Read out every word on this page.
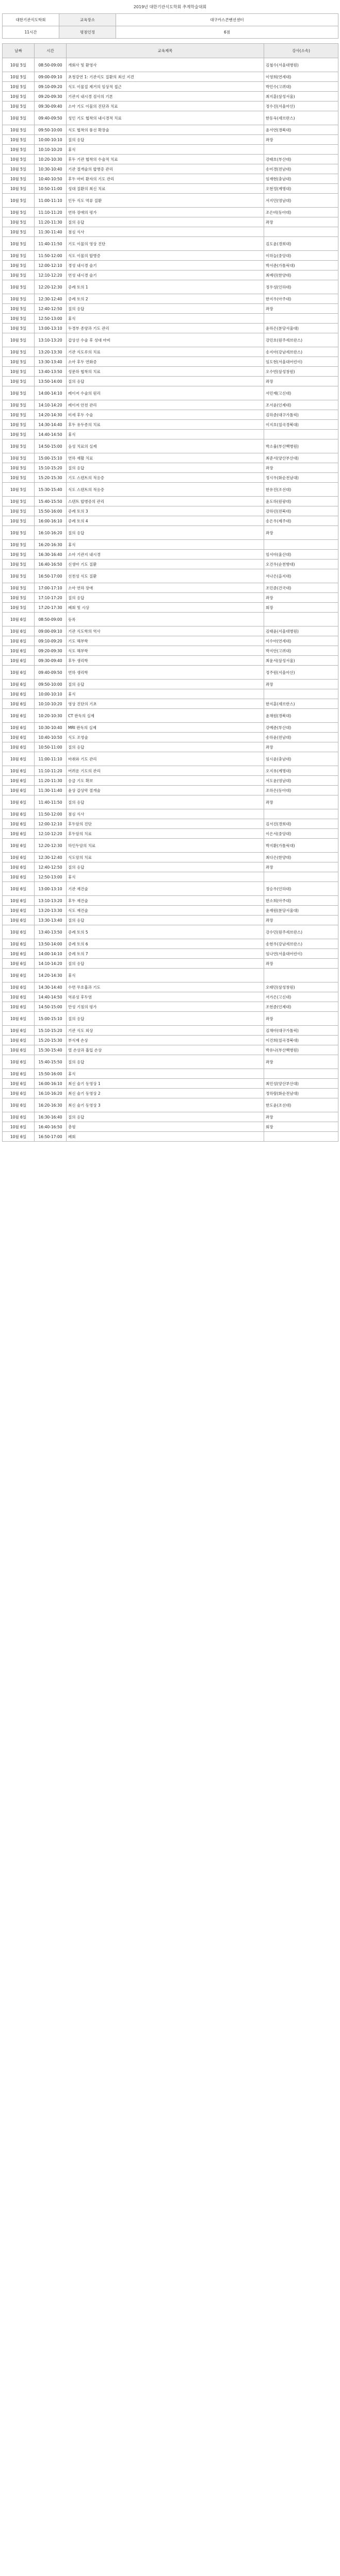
2019년 대한기관식도학회 추계학술대회
대한기관식도학회	교육장소	대구카스콘벤션센터
11시간	평점인정	6점
날짜	시간	교육제목	강사(소속)
10월 5일	08:50-09:00	개회사 및 환영사	김철수(서울대병원)
10월 5일	09:00-09:10	초청강연 1: 기관식도 질환의 최신 지견	이영희(연세대)
10월 5일	09:10-09:20	식도 이물질 제거의 임상적 접근	박민수(고려대)
10월 5일	09:20-09:30	기관지 내시경 검사의 기본	최지훈(삼성서울)
10월 5일	09:30-09:40	소아 기도 이물의 진단과 치료	정수진(서울아산)
10월 5일	09:40-09:50	성인 기도 협착의 내시경적 치료	한동욱(세브란스)
10월 5일	09:50-10:00	식도 협착의 풍선 확장술	윤서연(경북대)
10월 5일	10:00-10:10	질의 응답	좌장
10월 5일	10:10-10:20	휴식	
10월 5일	10:20-10:30	후두 기관 협착의 수술적 치료	강태호(부산대)
10월 5일	10:30-10:40	기관 절개술의 합병증 관리	송미경(전남대)
10월 5일	10:40-10:50	후두 마비 환자의 기도 관리	임재현(충남대)
10월 5일	10:50-11:00	성대 질환의 최신 치료	오현정(계명대)
10월 5일	11:00-11:10	인두 식도 역류 질환	서지민(영남대)
10월 5일	11:10-11:20	연하 장애의 평가	조은비(동아대)
10월 5일	11:20-11:30	질의 응답	좌장
10월 5일	11:30-11:40	점심 식사	
10월 5일	11:40-11:50	기도 이물의 영상 진단	김도윤(경희대)
10월 5일	11:50-12:00	식도 이물의 합병증	이하늘(중앙대)
10월 5일	12:00-12:10	경성 내시경 술기	박서준(가톨릭대)
10월 5일	12:10-12:20	연성 내시경 술기	최예린(한양대)
10월 5일	12:20-12:30	증례 토의 1	정우성(인하대)
10월 5일	12:30-12:40	증례 토의 2	한지우(아주대)
10월 5일	12:40-12:50	질의 응답	좌장
10월 5일	12:50-13:00	휴식	
10월 5일	13:00-13:10	두경부 종양과 기도 관리	윤하은(분당서울대)
10월 5일	13:10-13:20	갑상선 수술 후 성대 마비	강민호(원주세브란스)
10월 5일	13:20-13:30	기관 식도루의 치료	송지아(강남세브란스)
10월 5일	13:30-13:40	소아 후두 연화증	임도현(서울대어린이)
10월 5일	13:40-13:50	성문하 협착의 치료	오수빈(삼성창원)
10월 5일	13:50-14:00	질의 응답	좌장
10월 5일	14:00-14:10	레이저 수술의 원리	서민재(고신대)
10월 5일	14:10-14:20	레이저 안전 관리	조서윤(인제대)
10월 5일	14:20-14:30	미세 후두 수술	김하준(대구가톨릭)
10월 5일	14:30-14:40	후두 유두종의 치료	이지호(칠곡경북대)
10월 5일	14:40-14:50	휴식	
10월 5일	14:50-15:00	음성 치료의 실제	박소율(부산백병원)
10월 5일	15:00-15:10	연하 재활 치료	최준서(양산부산대)
10월 5일	15:10-15:20	질의 응답	좌장
10월 5일	15:20-15:30	기도 스텐트의 적응증	정시우(화순전남대)
10월 5일	15:30-15:40	식도 스텐트의 적응증	한유진(조선대)
10월 5일	15:40-15:50	스텐트 합병증의 관리	윤도하(원광대)
10월 5일	15:50-16:00	증례 토의 3	강하린(전북대)
10월 5일	16:00-16:10	증례 토의 4	송은우(제주대)
10월 5일	16:10-16:20	질의 응답	좌장
10월 5일	16:20-16:30	휴식	
10월 5일	16:30-16:40	소아 기관지 내시경	임서아(울산대)
10월 5일	16:40-16:50	신생아 기도 질환	오건우(순천향대)
10월 5일	16:50-17:00	선천성 식도 질환	서나은(을지대)
10월 5일	17:00-17:10	소아 연하 장애	조민준(건국대)
10월 5일	17:10-17:20	질의 응답	좌장
10월 5일	17:20-17:30	폐회 및 시상	회장
10월 6일	08:50-09:00	등록	
10월 6일	09:00-09:10	기관 식도학의 역사	김태윤(서울대병원)
10월 6일	09:10-09:20	기도 해부학	이수아(연세대)
10월 6일	09:20-09:30	식도 해부학	박지안(고려대)
10월 6일	09:30-09:40	후두 생리학	최윤서(삼성서울)
10월 6일	09:40-09:50	연하 생리학	정주원(서울아산)
10월 6일	09:50-10:00	질의 응답	좌장
10월 6일	10:00-10:10	휴식	
10월 6일	10:10-10:20	영상 진단의 기초	한지훈(세브란스)
10월 6일	10:20-10:30	CT 판독의 실제	윤채원(경북대)
10월 6일	10:30-10:40	MRI 판독의 실제	강예준(부산대)
10월 6일	10:40-10:50	식도 조영술	송하윤(전남대)
10월 6일	10:50-11:00	질의 응답	좌장
10월 6일	11:00-11:10	마취와 기도 관리	임시윤(충남대)
10월 6일	11:10-11:20	어려운 기도의 관리	오지유(계명대)
10월 6일	11:20-11:30	응급 기도 확보	서도윤(영남대)
10월 6일	11:30-11:40	윤상 갑상막 절개술	조하은(동아대)
10월 6일	11:40-11:50	질의 응답	좌장
10월 6일	11:50-12:00	점심 식사	
10월 6일	12:00-12:10	후두암의 진단	김서진(경희대)
10월 6일	12:10-12:20	후두암의 치료	이은서(중앙대)
10월 6일	12:20-12:30	하인두암의 치료	박지환(가톨릭대)
10월 6일	12:30-12:40	식도암의 치료	최다은(한양대)
10월 6일	12:40-12:50	질의 응답	좌장
10월 6일	12:50-13:00	휴식	
10월 6일	13:00-13:10	기관 재건술	정승우(인하대)
10월 6일	13:10-13:20	후두 재건술	한소희(아주대)
10월 6일	13:20-13:30	식도 재건술	윤재원(분당서울대)
10월 6일	13:30-13:40	질의 응답	좌장
10월 6일	13:40-13:50	증례 토의 5	강수민(원주세브란스)
10월 6일	13:50-14:00	증례 토의 6	송현우(강남세브란스)
10월 6일	14:00-14:10	증례 토의 7	임나연(서울대어린이)
10월 6일	14:10-14:20	질의 응답	좌장
10월 6일	14:20-14:30	휴식	
10월 6일	14:30-14:40	수면 무호흡과 기도	오태민(삼성창원)
10월 6일	14:40-14:50	역류성 후두염	서가은(고신대)
10월 6일	14:50-15:00	만성 기침의 평가	조현준(인제대)
10월 6일	15:00-15:10	질의 응답	좌장
10월 6일	15:10-15:20	기관 식도 외상	김채아(대구가톨릭)
10월 6일	15:20-15:30	부식제 손상	이건희(칠곡경북대)
10월 6일	15:30-15:40	열 손상과 흡입 손상	박유나(부산백병원)
10월 6일	15:40-15:50	질의 응답	좌장
10월 6일	15:50-16:00	휴식	
10월 6일	16:00-16:10	최신 술기 동영상 1	최민성(양산부산대)
10월 6일	16:10-16:20	최신 술기 동영상 2	정하람(화순전남대)
10월 6일	16:20-16:30	최신 술기 동영상 3	한도윤(조선대)
10월 6일	16:30-16:40	질의 응답	좌장
10월 6일	16:40-16:50	총평	회장
10월 6일	16:50-17:00	폐회	
